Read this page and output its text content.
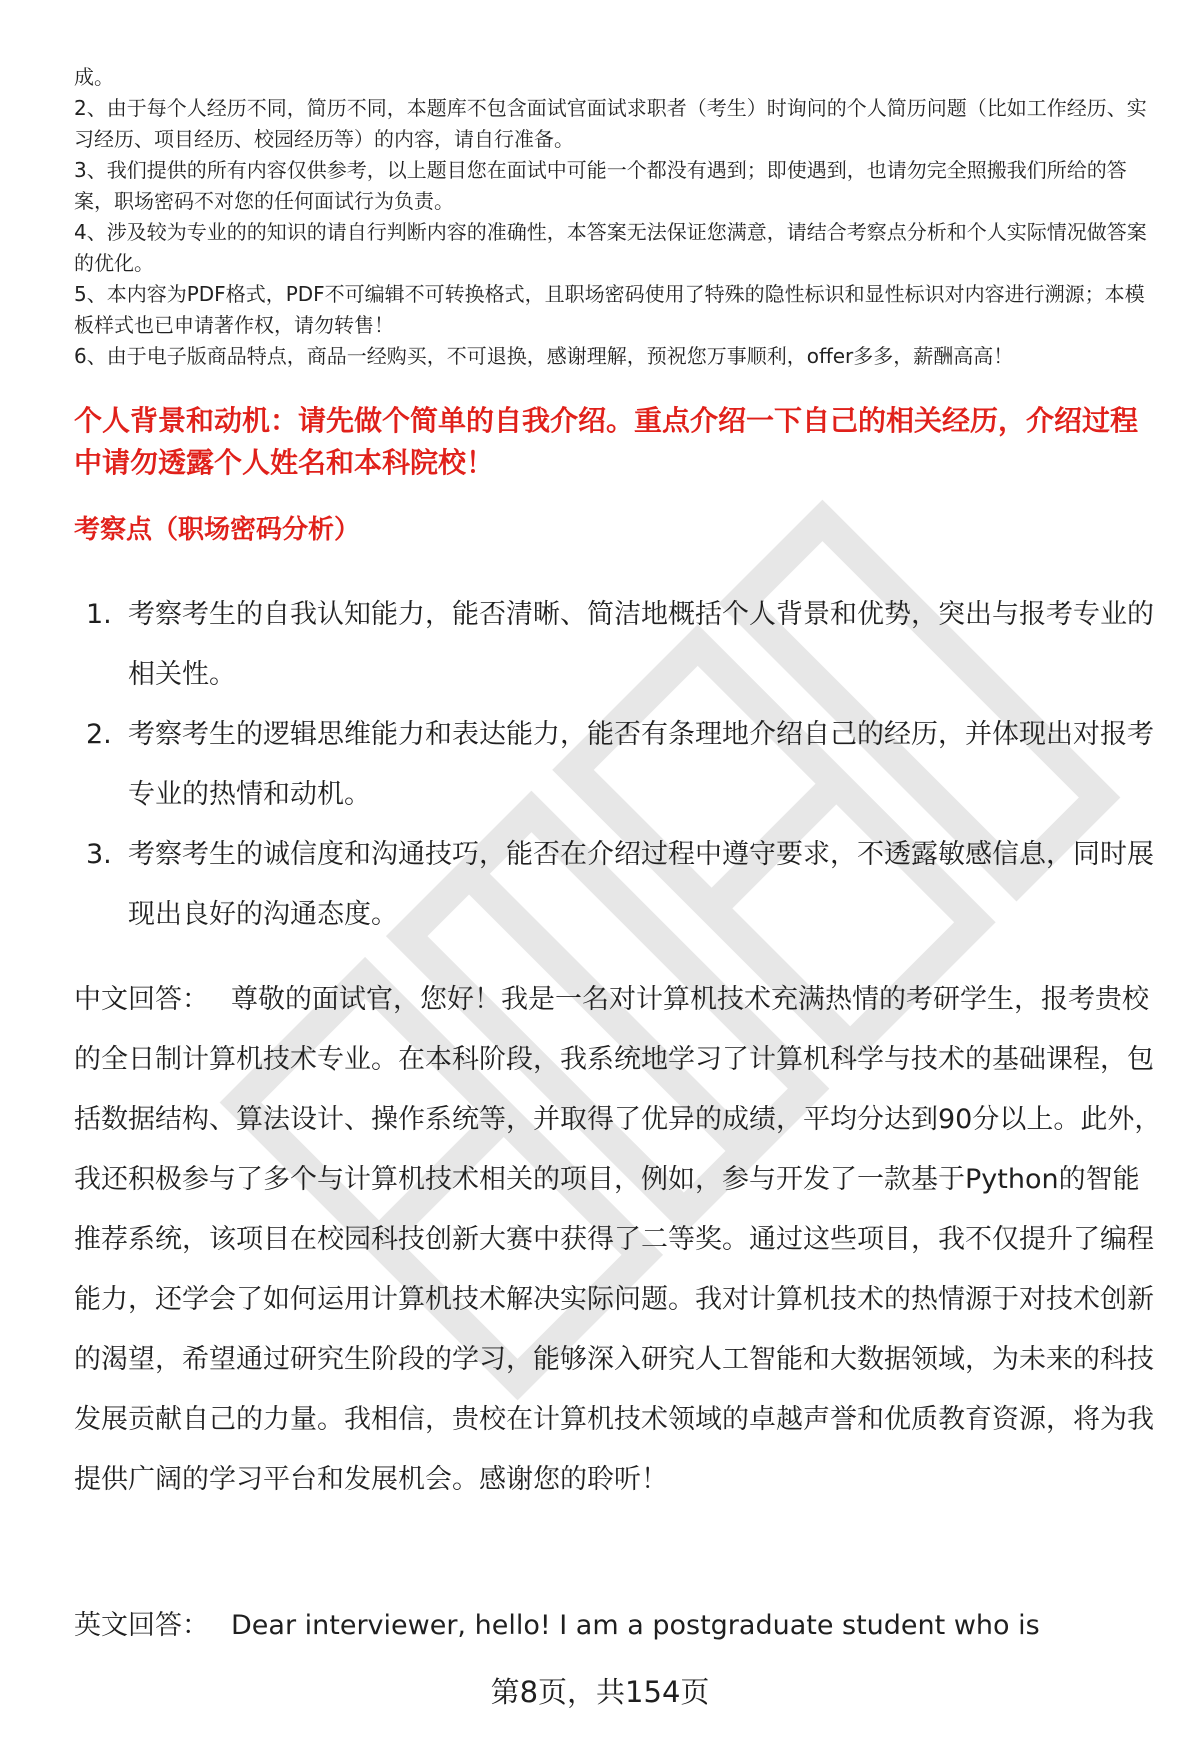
成。
2、由于每个人经历不同，简历不同，本题库不包含面试官面试求职者（考生）时询问的个人简历问题（比如工作经历、实习经历、项目经历、校园经历等）的内容，请自行准备。
3、我们提供的所有内容仅供参考，以上题目您在面试中可能一个都没有遇到；即使遇到，也请勿完全照搬我们所给的答案，职场密码不对您的任何面试行为负责。
4、涉及较为专业的的知识的请自行判断内容的准确性，本答案无法保证您满意，请结合考察点分析和个人实际情况做答案的优化。
5、本内容为PDF格式，PDF不可编辑不可转换格式，且职场密码使用了特殊的隐性标识和显性标识对内容进行溯源；本模板样式也已申请著作权，请勿转售！
6、由于电子版商品特点，商品一经购买，不可退换，感谢理解，预祝您万事顺利，offer多多，薪酬高高！

个人背景和动机：请先做个简单的自我介绍。重点介绍一下自己的相关经历，介绍过程中请勿透露个人姓名和本科院校！

考察点（职场密码分析）

1. 考察考生的自我认知能力，能否清晰、简洁地概括个人背景和优势，突出与报考专业的相关性。
2. 考察考生的逻辑思维能力和表达能力，能否有条理地介绍自己的经历，并体现出对报考专业的热情和动机。
3. 考察考生的诚信度和沟通技巧，能否在介绍过程中遵守要求，不透露敏感信息，同时展现出良好的沟通态度。

中文回答： 尊敬的面试官，您好！我是一名对计算机技术充满热情的考研学生，报考贵校的全日制计算机技术专业。在本科阶段，我系统地学习了计算机科学与技术的基础课程，包括数据结构、算法设计、操作系统等，并取得了优异的成绩，平均分达到90分以上。此外，我还积极参与了多个与计算机技术相关的项目，例如，参与开发了一款基于Python的智能推荐系统，该项目在校园科技创新大赛中获得了二等奖。通过这些项目，我不仅提升了编程能力，还学会了如何运用计算机技术解决实际问题。我对计算机技术的热情源于对技术创新的渴望，希望通过研究生阶段的学习，能够深入研究人工智能和大数据领域，为未来的科技发展贡献自己的力量。我相信，贵校在计算机技术领域的卓越声誉和优质教育资源，将为我提供广阔的学习平台和发展机会。感谢您的聆听！

英文回答： Dear interviewer, hello! I am a postgraduate student who is

第8页，共154页
